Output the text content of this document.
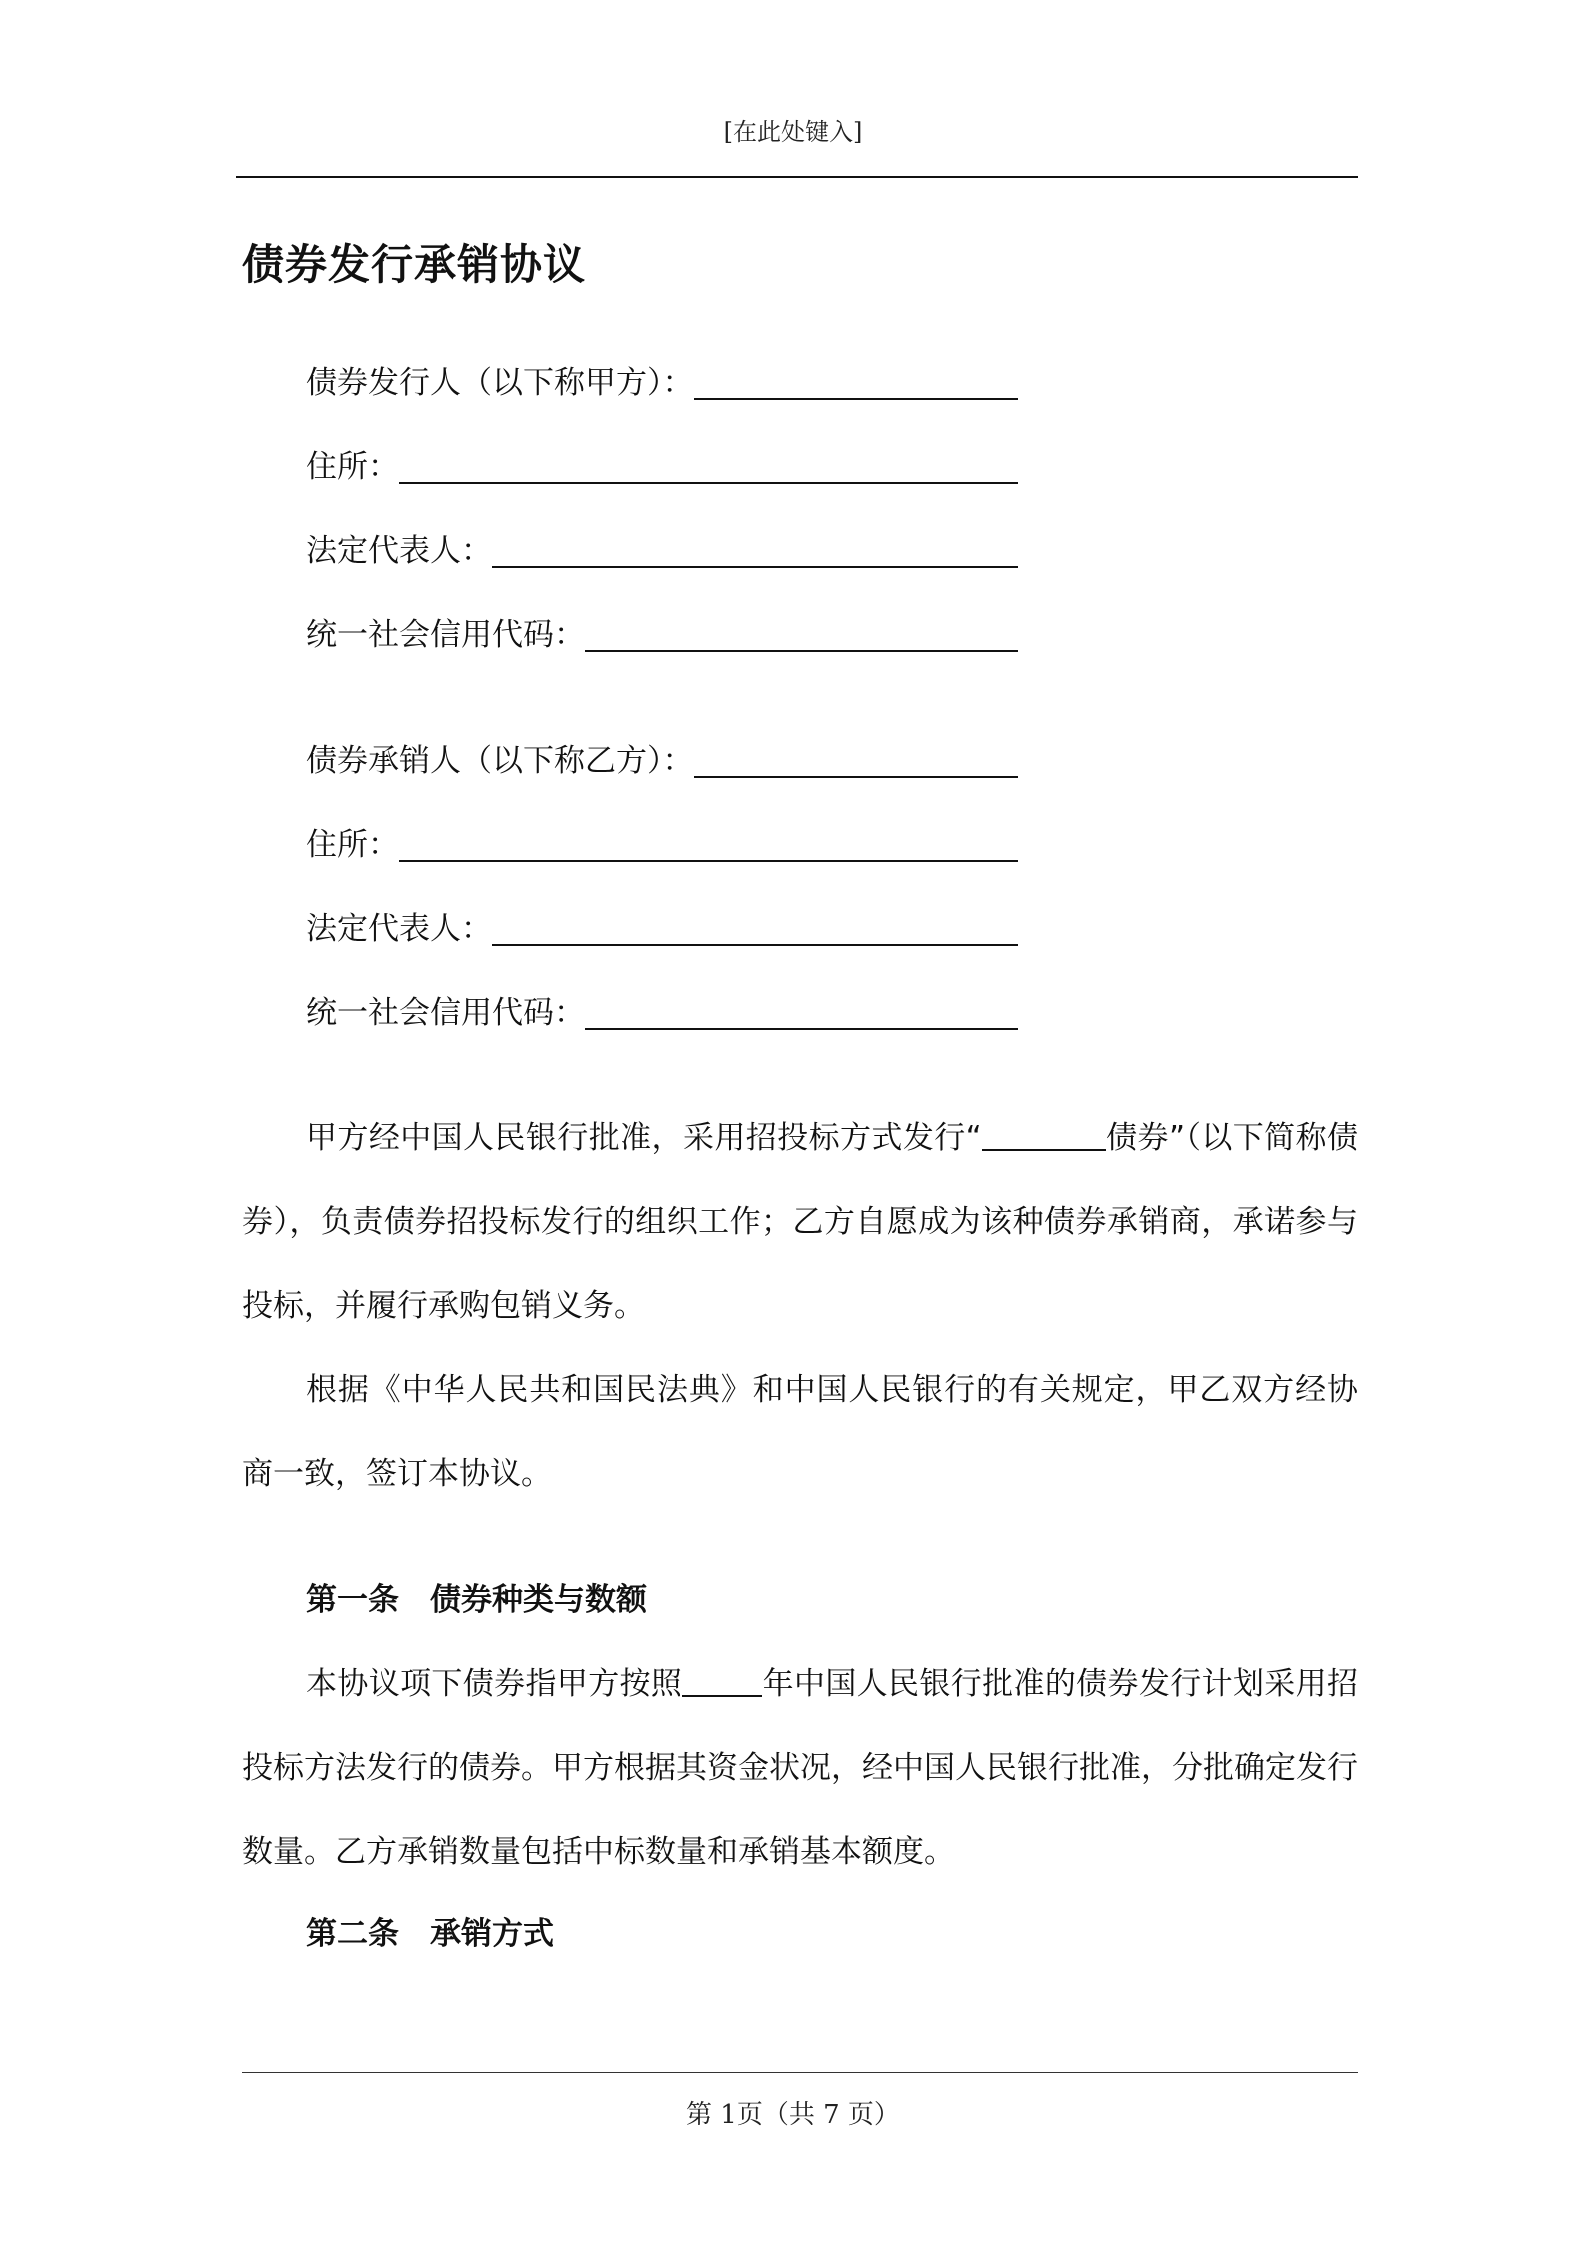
[在此处键入]
债券发行承销协议
债券发行人（以下称甲方）：
住所：
法定代表人：
统一社会信用代码：
债券承销人（以下称乙方）：
住所：
法定代表人：
统一社会信用代码：

甲方经中国人民银行批准，采用招投标方式发行“	债券”（以下简称债券），负责债券招投标发行的组织工作；乙方自愿成为该种债券承销商，承诺参与投标，并履行承购包销义务。

根据《中华人民共和国民法典》和中国人民银行的有关规定，甲乙双方经协商一致，签订本协议。

第一条　债券种类与数额

本协议项下债券指甲方按照	年中国人民银行批准的债券发行计划采用招投标方法发行的债券。甲方根据其资金状况，经中国人民银行批准，分批确定发行数量。乙方承销数量包括中标数量和承销基本额度。

第二条　承销方式
第 1页（共 7 页）
